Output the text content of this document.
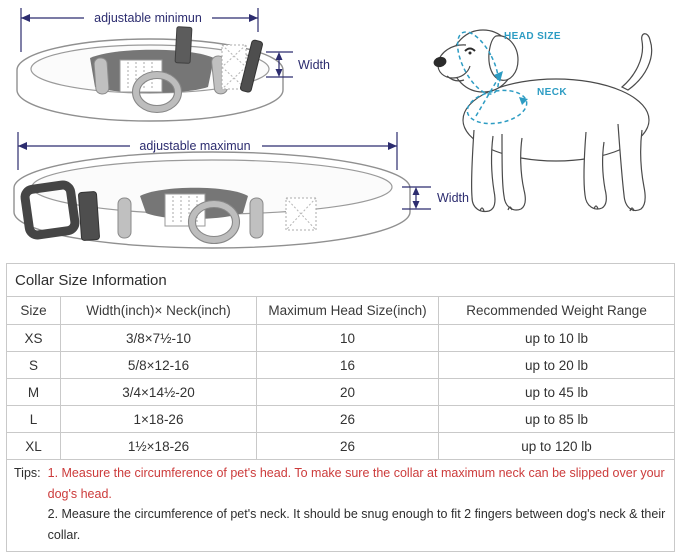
adjustable minimun
Width
adjustable maximun
Width
HEAD SIZE
NECK
Collar Size Information			
Size	Width(inch)× Neck(inch)	Maximum Head Size(inch)	Recommended Weight Range
XS	3/8×7½-10	10	up to 10 lb
S	5/8×12-16	16	up to 20 lb
M	3/4×14½-20	20	up to 45 lb
L	1×18-26	26	up to 85 lb
XL	1½×18-26	26	up to 120 lb

Tips: 1. Measure the circumference of pet's head. To make sure the collar at maximum neck can be slipped over your dog's head.
2. Measure the circumference of pet's neck. It should be snug enough to fit 2 fingers between dog's neck & their collar.			
